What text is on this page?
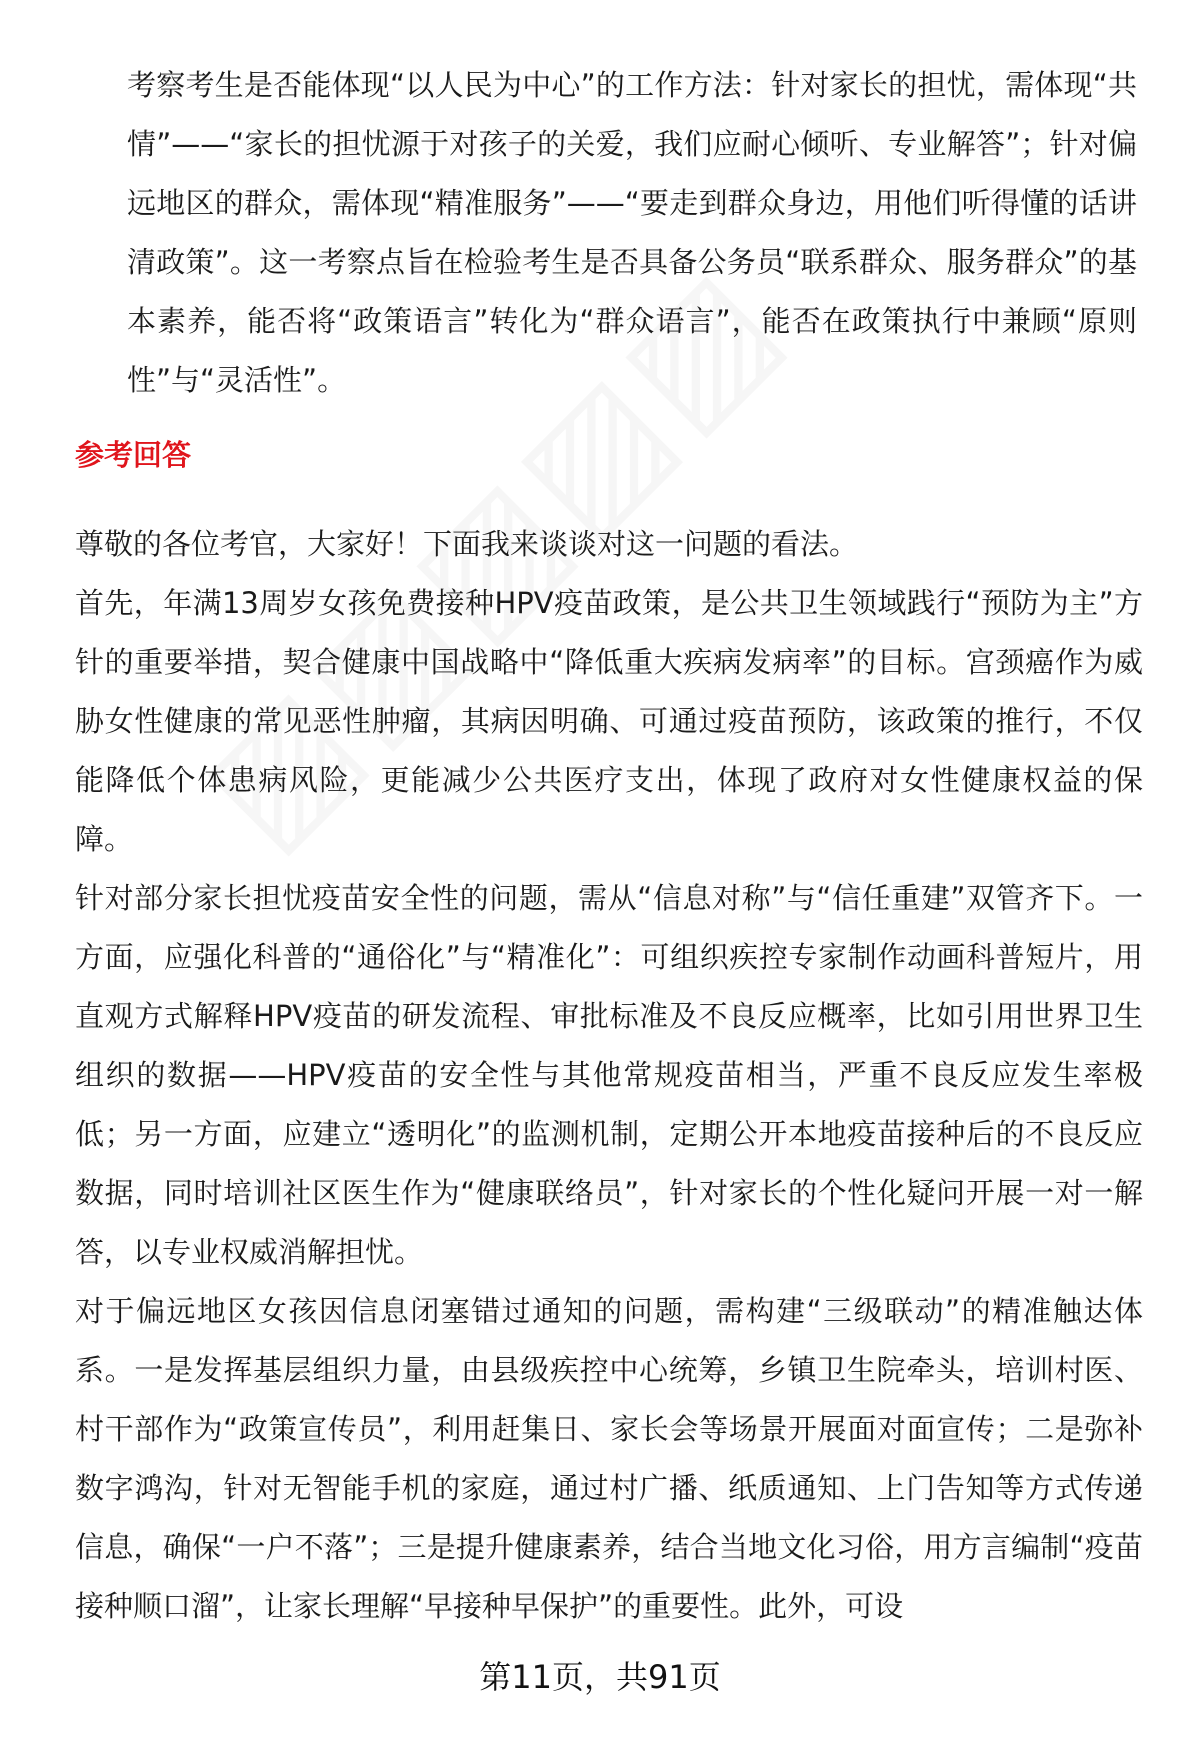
考察考生是否能体现“以人民为中心”的工作方法：针对家长的担忧，需体现“共情”——“家长的担忧源于对孩子的关爱，我们应耐心倾听、专业解答”；针对偏远地区的群众，需体现“精准服务”——“要走到群众身边，用他们听得懂的话讲清政策”。这一考察点旨在检验考生是否具备公务员“联系群众、服务群众”的基本素养，能否将“政策语言”转化为“群众语言”，能否在政策执行中兼顾“原则性”与“灵活性”。
参考回答

尊敬的各位考官，大家好！下面我来谈谈对这一问题的看法。

首先，年满13周岁女孩免费接种HPV疫苗政策，是公共卫生领域践行“预防为主”方针的重要举措，契合健康中国战略中“降低重大疾病发病率”的目标。宫颈癌作为威胁女性健康的常见恶性肿瘤，其病因明确、可通过疫苗预防，该政策的推行，不仅能降低个体患病风险，更能减少公共医疗支出，体现了政府对女性健康权益的保障。

针对部分家长担忧疫苗安全性的问题，需从“信息对称”与“信任重建”双管齐下。一方面，应强化科普的“通俗化”与“精准化”：可组织疾控专家制作动画科普短片，用直观方式解释HPV疫苗的研发流程、审批标准及不良反应概率，比如引用世界卫生组织的数据——HPV疫苗的安全性与其他常规疫苗相当，严重不良反应发生率极低；另一方面，应建立“透明化”的监测机制，定期公开本地疫苗接种后的不良反应数据，同时培训社区医生作为“健康联络员”，针对家长的个性化疑问开展一对一解答，以专业权威消解担忧。

对于偏远地区女孩因信息闭塞错过通知的问题，需构建“三级联动”的精准触达体系。一是发挥基层组织力量，由县级疾控中心统筹，乡镇卫生院牵头，培训村医、村干部作为“政策宣传员”，利用赶集日、家长会等场景开展面对面宣传；二是弥补数字鸿沟，针对无智能手机的家庭，通过村广播、纸质通知、上门告知等方式传递信息，确保“一户不落”；三是提升健康素养，结合当地文化习俗，用方言编制“疫苗接种顺口溜”，让家长理解“早接种早保护”的重要性。此外，可设

第11页，共91页
